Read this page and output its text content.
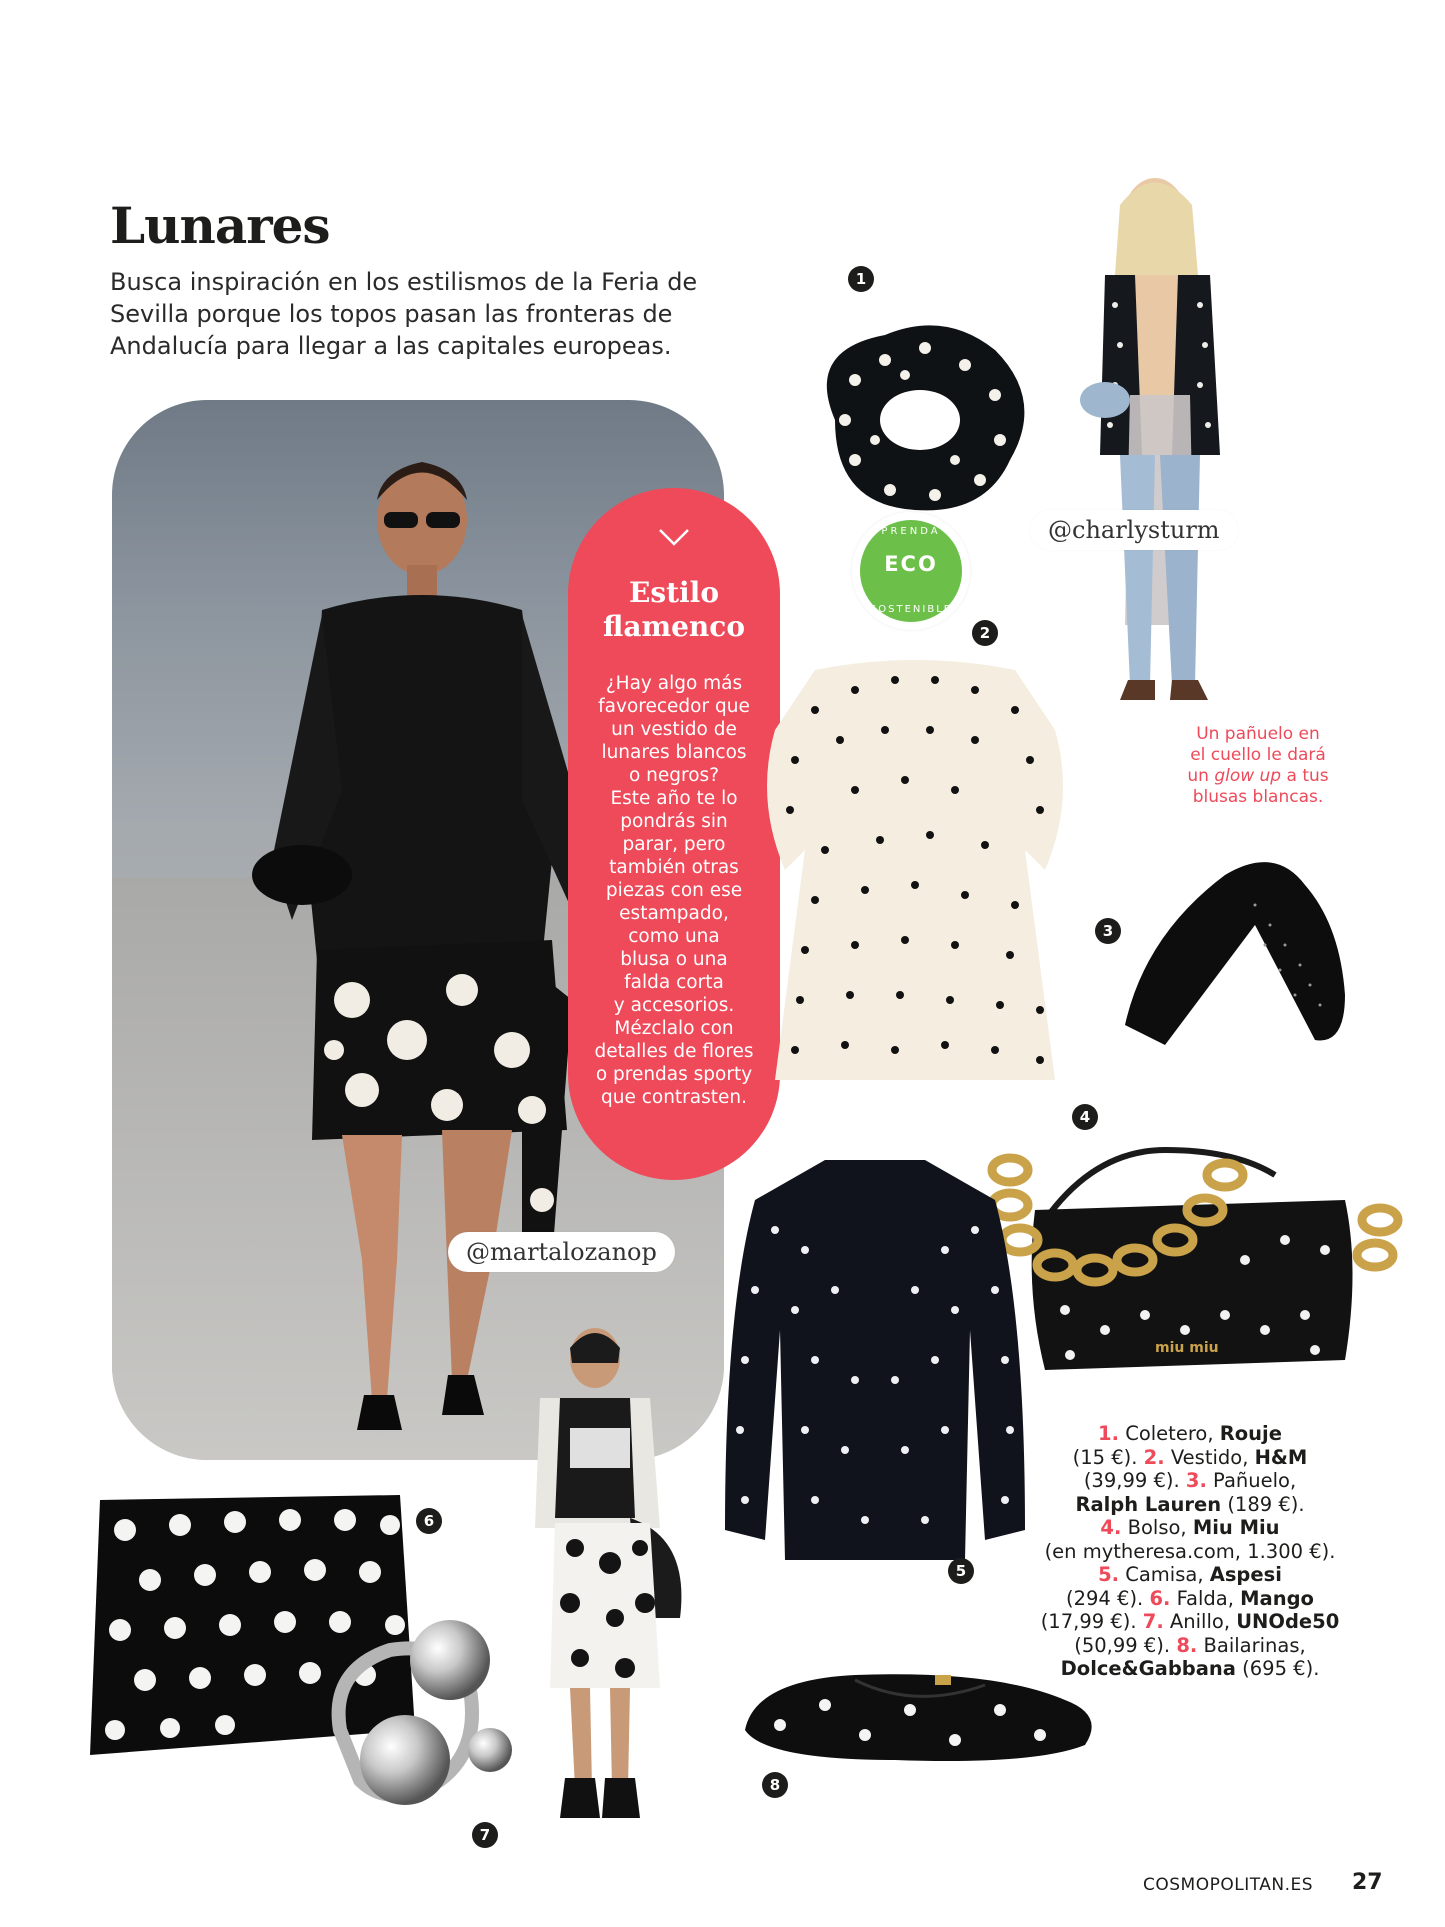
Lunares
Busca inspiración en los estilismos de la Feria de
Sevilla porque los topos pasan las fronteras de
Andalucía para llegar a las capitales europeas.
@martalozanop
Estilo
flamenco
¿Hay algo más
favorecedor que
un vestido de
lunares blancos
o negros?
Este año te lo
pondrás sin
parar, pero
también otras
piezas con ese
estampado,
como una
blusa o una
falda corta
y accesorios.
Mézclalo con
detalles de flores
o prendas sporty
que contrasten.
1
PRENDA
ECO
SOSTENIBLE
@charlysturm
2
Un pañuelo en
el cuello le dará
un glow up a tus
blusas blancas.
3
miu miu
4
5
1. Coletero, Rouje
(15 €). 2. Vestido, H&M
(39,99 €). 3. Pañuelo,
Ralph Lauren (189 €).
4. Bolso, Miu Miu
(en mytheresa.com, 1.300 €).
5. Camisa, Aspesi
(294 €). 6. Falda, Mango
(17,99 €). 7. Anillo, UNOde50
(50,99 €). 8. Bailarinas,
Dolce&Gabbana (695 €).
6
7
8
COSMOPOLITAN.ES 27
